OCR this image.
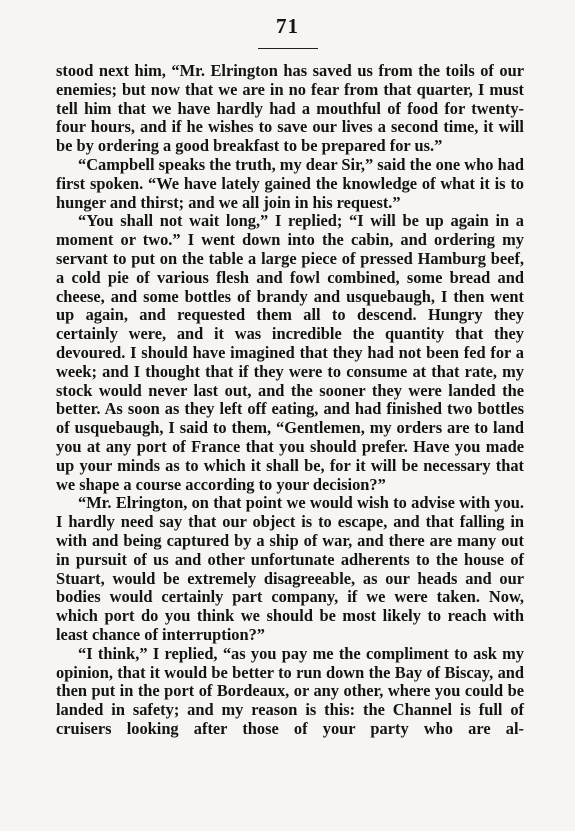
71

stood next him, “Mr. Elrington has saved us from the toils of our enemies; but now that we are in no fear from that quarter, I must tell him that we have hardly had a mouthful of food for twenty-four hours, and if he wishes to save our lives a second time, it will be by ordering a good breakfast to be prepared for us.”

“Campbell speaks the truth, my dear Sir,” said the one who had first spoken. “We have lately gained the knowledge of what it is to hunger and thirst; and we all join in his request.”

“You shall not wait long,” I replied; “I will be up again in a moment or two.” I went down into the cabin, and ordering my servant to put on the table a large piece of pressed Hamburg beef, a cold pie of various flesh and fowl combined, some bread and cheese, and some bottles of brandy and usquebaugh, I then went up again, and requested them all to descend. Hungry they certainly were, and it was incredible the quantity that they devoured. I should have imagined that they had not been fed for a week; and I thought that if they were to consume at that rate, my stock would never last out, and the sooner they were landed the better. As soon as they left off eating, and had finished two bottles of usquebaugh, I said to them, “Gentlemen, my orders are to land you at any port of France that you should prefer. Have you made up your minds as to which it shall be, for it will be necessary that we shape a course according to your decision?”

“Mr. Elrington, on that point we would wish to advise with you. I hardly need say that our object is to escape, and that falling in with and being captured by a ship of war, and there are many out in pursuit of us and other unfortunate adherents to the house of Stuart, would be extremely disagreeable, as our heads and our bodies would certainly part company, if we were taken. Now, which port do you think we should be most likely to reach with least chance of interruption?”

“I think,” I replied, “as you pay me the compliment to ask my opinion, that it would be better to run down the Bay of Biscay, and then put in the port of Bordeaux, or any other, where you could be landed in safety; and my reason is this: the Channel is full of cruisers looking after those of your party who are al-
